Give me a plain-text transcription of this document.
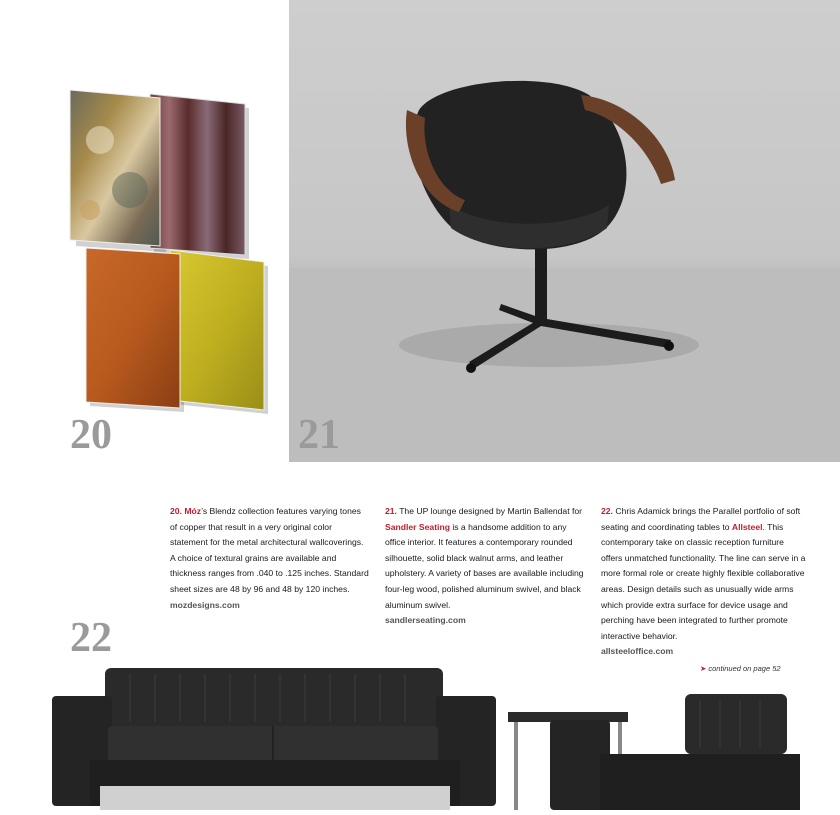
20	21
20. Móz’s Blendz collection features varying tones of copper that result in a very original color statement for the metal architectural wallcoverings. A choice of textural grains are available and thickness ranges from .040 to .125 inches. Standard sheet sizes are 48 by 96 and 48 by 120 inches.
mozdesigns.com
21. The UP lounge designed by Martin Ballendat for Sandler Seating is a handsome addition to any office interior. It features a contemporary rounded silhouette, solid black walnut arms, and leather upholstery. A variety of bases are available including four-leg wood, polished aluminum swivel, and black aluminum swivel.
sandlerseating.com
22. Chris Adamick brings the Parallel portfolio of soft seating and coordinating tables to Allsteel. This contemporary take on classic reception furniture offers unmatched functionality. The line can serve in a more formal role or create highly flexible collaborative areas. Design details such as unusually wide arms which provide extra surface for device usage and perching have been integrated to further promote interactive behavior.
allsteeloffice.com
➤ continued on page 52
22
